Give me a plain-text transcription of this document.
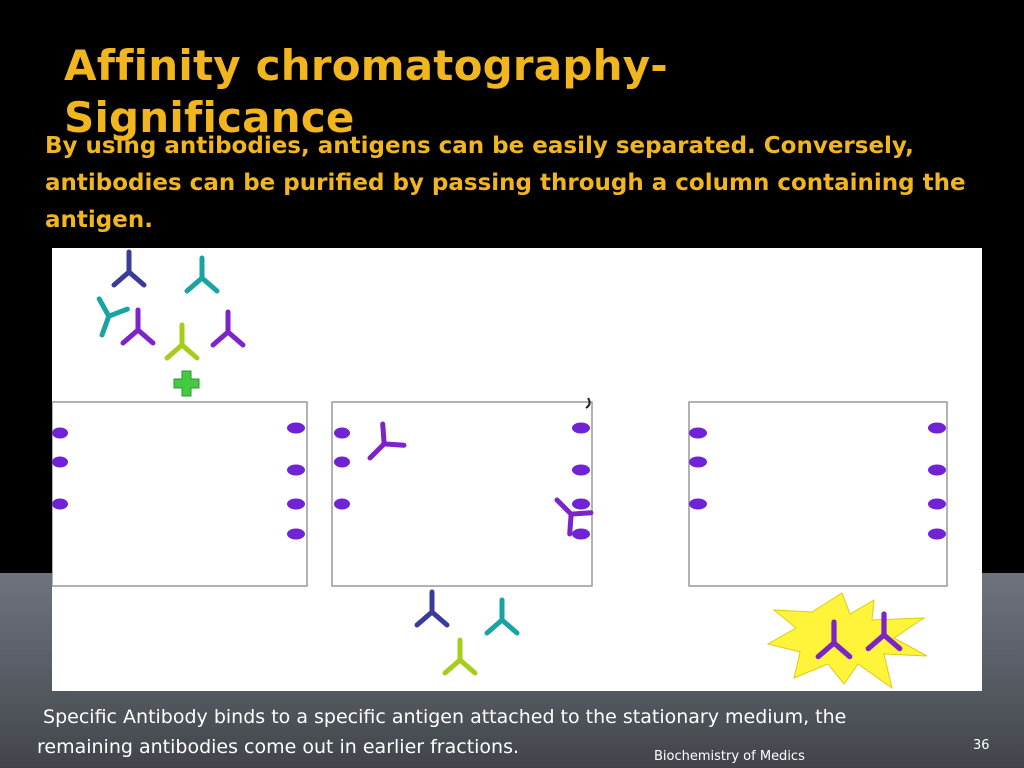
Affinity chromatography- Significance
By using antibodies, antigens can be easily separated. Conversely, antibodies can be purified by passing through a column containing the antigen.
Specific Antibody binds to a specific antigen attached to the stationary medium, the
remaining antibodies come out in earlier fractions.	Biochemistry of Medics
36
